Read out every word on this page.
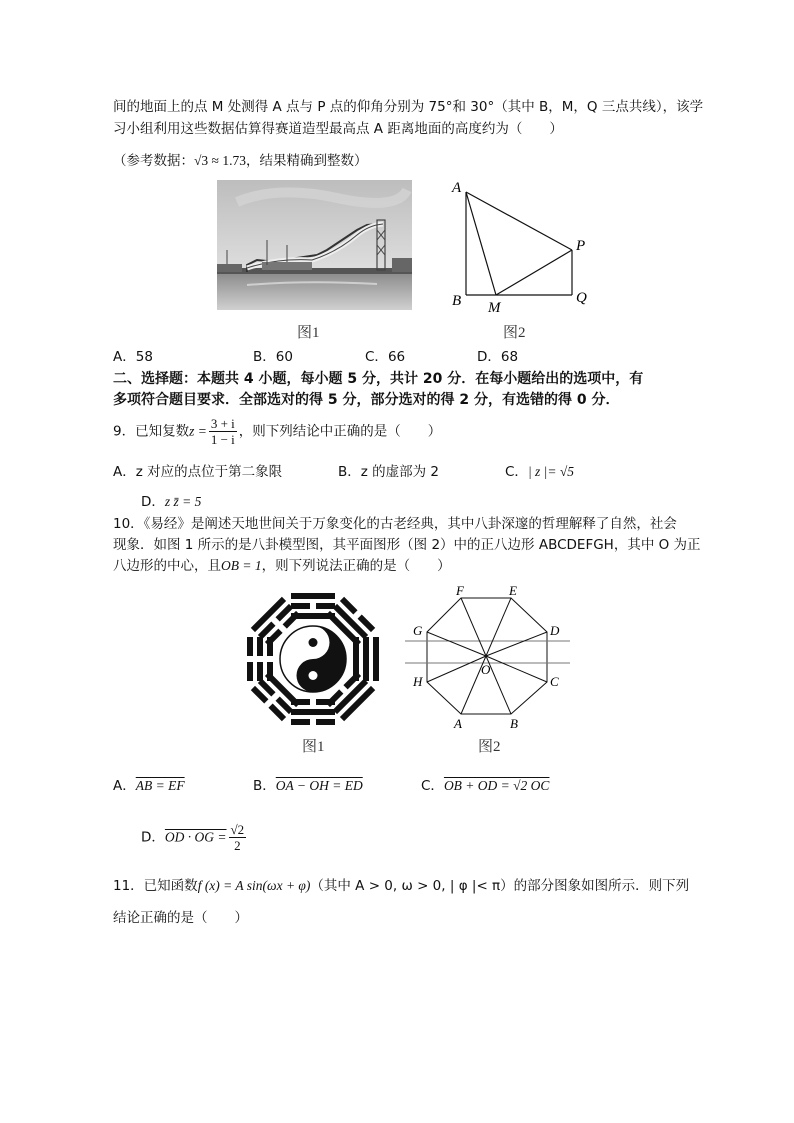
间的地面上的点 M 处测得 A 点与 P 点的仰角分别为 75°和 30°（其中 B，M，Q 三点共线），该学
习小组利用这些数据估算得赛道造型最高点 A 距离地面的高度约为（　　）
（参考数据：√3 ≈ 1.73，结果精确到整数）
图1
A
B M
P
Q
图2
A．58	B．60	C．66	D．68
二、选择题：本题共 4 小题，每小题 5 分，共计 20 分．在每小题给出的选项中，有
多项符合题目要求．全部选对的得 5 分，部分选对的得 2 分，有选错的得 0 分．
9．已知复数$z = \frac{3 + i}{1 - i}$ ，则下列结论中正确的是（　　）
A．z 对应的点位于第二象限	B．z 的虚部为 2	C．| z |= √5
D．z z̄ = 5
10．《易经》是阐述天地世间关于万象变化的古老经典，其中八卦深邃的哲理解释了自然，社会
现象．如图 1 所示的是八卦模型图，其平面图形（图 2）中的正八边形 ABCDEFGH，其中 O 为正
八边形的中心，且OB = 1，则下列说法正确的是（　　）
图1
F	E
D
C
B
A
H
G
O
图2
A．AB = EF	B．OA − OH = ED	C．OB + OD = √2 OC
D．OD · OG = $\frac{√2}{2}$
11．已知函数f (x) = A sin(ωx + φ)（其中 A > 0, ω > 0, | φ |< π）的部分图象如图所示．则下列
结论正确的是（　　）
